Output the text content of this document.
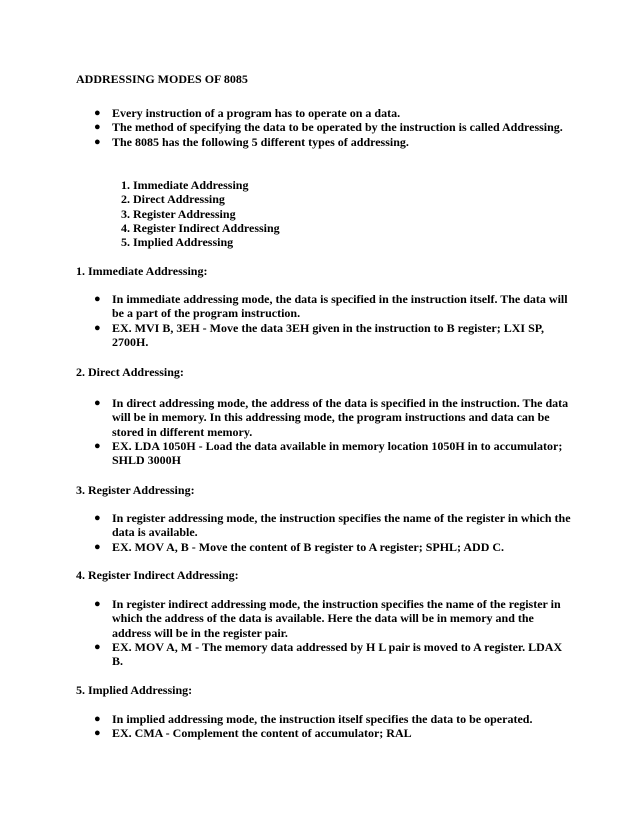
ADDRESSING MODES OF 8085

● Every instruction of a program has to operate on a data.
● The method of specifying the data to be operated by the instruction is called Addressing.
● The 8085 has the following 5 different types of addressing.
1. Immediate Addressing
2. Direct Addressing
3. Register Addressing
4. Register Indirect Addressing
5. Implied Addressing

1. Immediate Addressing:

● In immediate addressing mode, the data is specified in the instruction itself. The data will be a part of the program instruction.
● EX. MVI B, 3EH - Move the data 3EH given in the instruction to B register; LXI SP, 2700H.

2. Direct Addressing:

● In direct addressing mode, the address of the data is specified in the instruction. The data will be in memory. In this addressing mode, the program instructions and data can be stored in different memory.
● EX. LDA 1050H - Load the data available in memory location 1050H in to accumulator; SHLD 3000H

3. Register Addressing:

● In register addressing mode, the instruction specifies the name of the register in which the data is available.
● EX. MOV A, B - Move the content of B register to A register; SPHL; ADD C.

4. Register Indirect Addressing:

● In register indirect addressing mode, the instruction specifies the name of the register in which the address of the data is available. Here the data will be in memory and the address will be in the register pair.
● EX. MOV A, M - The memory data addressed by H L pair is moved to A register. LDAX B.

5. Implied Addressing:

● In implied addressing mode, the instruction itself specifies the data to be operated.
● EX. CMA - Complement the content of accumulator; RAL
